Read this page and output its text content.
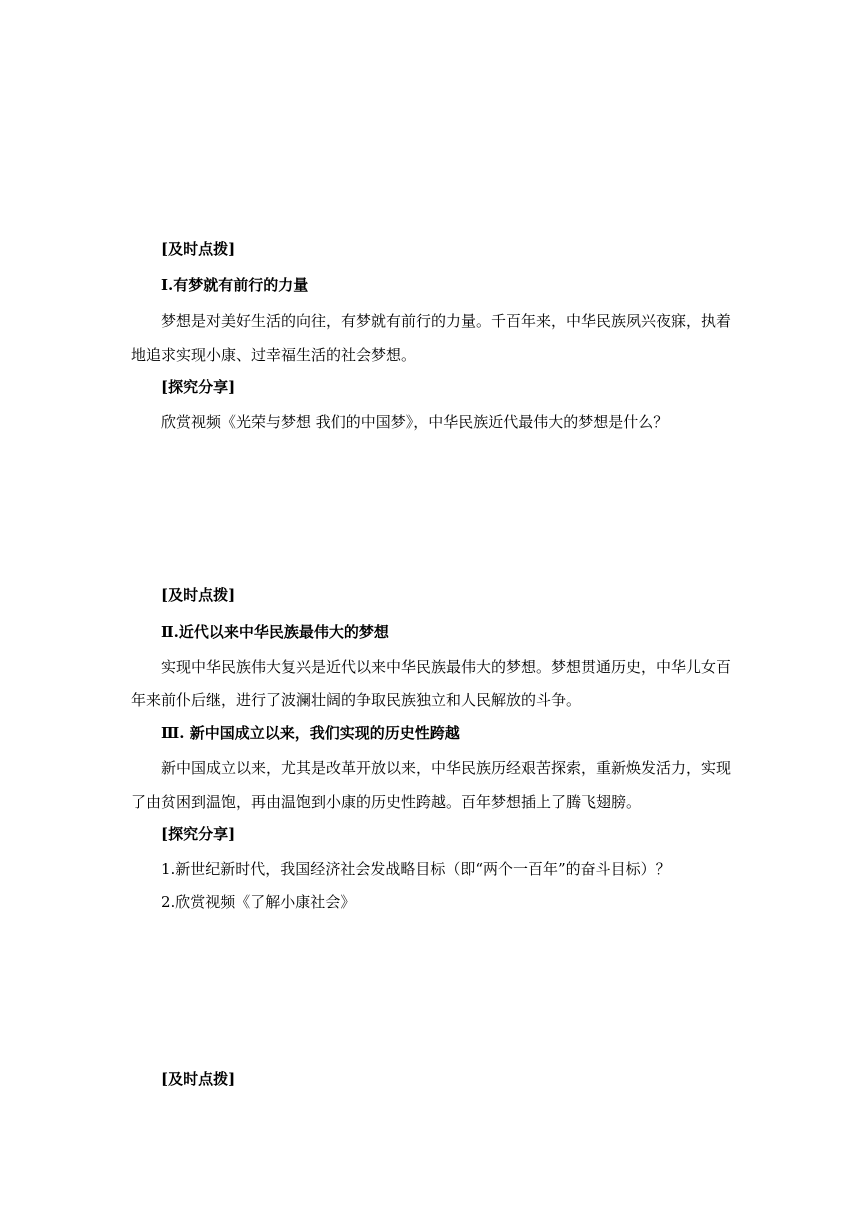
[及时点拨]
Ⅰ.有梦就有前行的力量
梦想是对美好生活的向往，有梦就有前行的力量。千百年来，中华民族夙兴夜寐，执着
地追求实现小康、过幸福生活的社会梦想。
[探究分享]
欣赏视频《光荣与梦想 我们的中国梦》，中华民族近代最伟大的梦想是什么？
[及时点拨]
Ⅱ.近代以来中华民族最伟大的梦想
实现中华民族伟大复兴是近代以来中华民族最伟大的梦想。梦想贯通历史，中华儿女百
年来前仆后继，进行了波澜壮阔的争取民族独立和人民解放的斗争。
Ⅲ. 新中国成立以来，我们实现的历史性跨越
新中国成立以来，尤其是改革开放以来，中华民族历经艰苦探索，重新焕发活力，实现
了由贫困到温饱，再由温饱到小康的历史性跨越。百年梦想插上了腾飞翅膀。
[探究分享]
1.新世纪新时代，我国经济社会发战略目标（即“两个一百年”的奋斗目标）？
2.欣赏视频《了解小康社会》
[及时点拨]
